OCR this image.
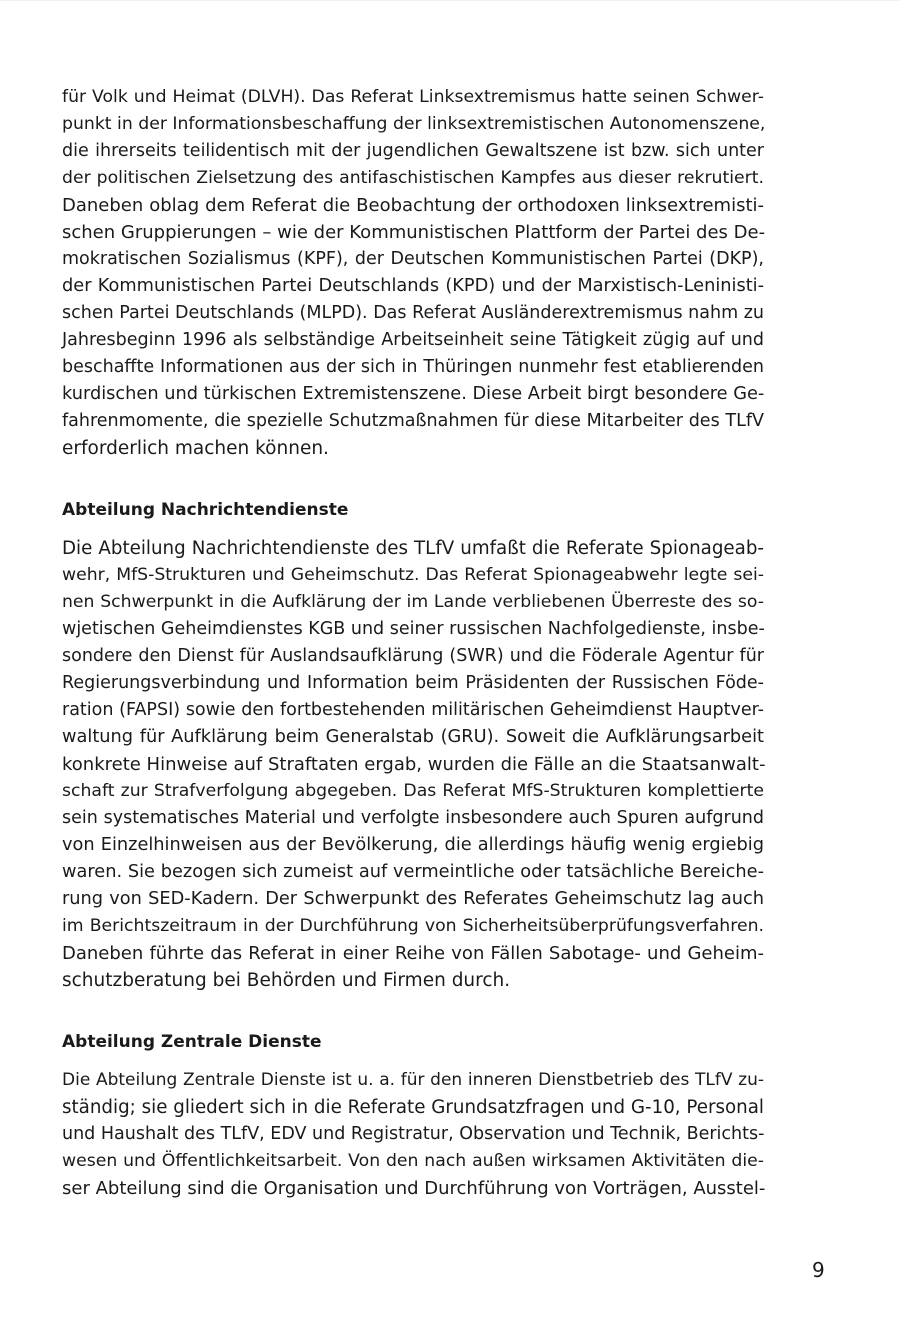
für Volk und Heimat (DLVH). Das Referat Linksextremismus hatte seinen Schwer-
punkt in der Informationsbeschaffung der linksextremistischen Autonomenszene,
die ihrerseits teilidentisch mit der jugendlichen Gewaltszene ist bzw. sich unter
der politischen Zielsetzung des antifaschistischen Kampfes aus dieser rekrutiert.
Daneben oblag dem Referat die Beobachtung der orthodoxen linksextremisti-
schen Gruppierungen – wie der Kommunistischen Plattform der Partei des De-
mokratischen Sozialismus (KPF), der Deutschen Kommunistischen Partei (DKP),
der Kommunistischen Partei Deutschlands (KPD) und der Marxistisch-Leninisti-
schen Partei Deutschlands (MLPD). Das Referat Ausländerextremismus nahm zu
Jahresbeginn 1996 als selbständige Arbeitseinheit seine Tätigkeit zügig auf und
beschaffte Informationen aus der sich in Thüringen nunmehr fest etablierenden
kurdischen und türkischen Extremistenszene. Diese Arbeit birgt besondere Ge-
fahrenmomente, die spezielle Schutzmaßnahmen für diese Mitarbeiter des TLfV
erforderlich machen können.
Abteilung Nachrichtendienste
Die Abteilung Nachrichtendienste des TLfV umfaßt die Referate Spionageab-
wehr, MfS-Strukturen und Geheimschutz. Das Referat Spionageabwehr legte sei-
nen Schwerpunkt in die Aufklärung der im Lande verbliebenen Überreste des so-
wjetischen Geheimdienstes KGB und seiner russischen Nachfolgedienste, insbe-
sondere den Dienst für Auslandsaufklärung (SWR) und die Föderale Agentur für
Regierungsverbindung und Information beim Präsidenten der Russischen Föde-
ration (FAPSI) sowie den fortbestehenden militärischen Geheimdienst Hauptver-
waltung für Aufklärung beim Generalstab (GRU). Soweit die Aufklärungsarbeit
konkrete Hinweise auf Straftaten ergab, wurden die Fälle an die Staatsanwalt-
schaft zur Strafverfolgung abgegeben. Das Referat MfS-Strukturen komplettierte
sein systematisches Material und verfolgte insbesondere auch Spuren aufgrund
von Einzelhinweisen aus der Bevölkerung, die allerdings häufig wenig ergiebig
waren. Sie bezogen sich zumeist auf vermeintliche oder tatsächliche Bereiche-
rung von SED-Kadern. Der Schwerpunkt des Referates Geheimschutz lag auch
im Berichtszeitraum in der Durchführung von Sicherheitsüberprüfungsverfahren.
Daneben führte das Referat in einer Reihe von Fällen Sabotage- und Geheim-
schutzberatung bei Behörden und Firmen durch.
Abteilung Zentrale Dienste
Die Abteilung Zentrale Dienste ist u. a. für den inneren Dienstbetrieb des TLfV zu-
ständig; sie gliedert sich in die Referate Grundsatzfragen und G-10, Personal
und Haushalt des TLfV, EDV und Registratur, Observation und Technik, Berichts-
wesen und Öffentlichkeitsarbeit. Von den nach außen wirksamen Aktivitäten die-
ser Abteilung sind die Organisation und Durchführung von Vorträgen, Ausstel-
9
